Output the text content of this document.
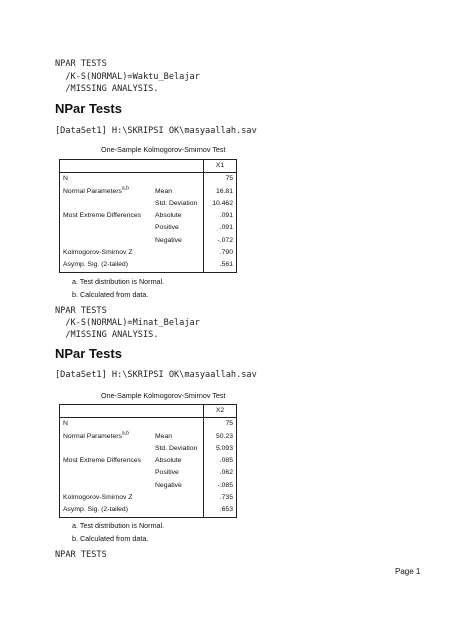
NPAR TESTS
/K-S(NORMAL)=Waktu_Belajar
/MISSING ANALYSIS.
NPar Tests
[DataSet1] H:\SKRIPSI OK\masyaallah.sav
One-Sample Kolmogorov-Smirnov Test
		X1
N		75
Normal Parameters$^{a,b}$	Mean	16.81
	Std. Deviation	10.462
Most Extreme Differences	Absolute	.091
	Positive	.091
	Negative	-.072
Kolmogorov-Smirnov Z		.790
Asymp. Sig. (2-tailed)		.561
a. Test distribution is Normal.
b. Calculated from data.
NPAR TESTS
/K-S(NORMAL)=Minat_Belajar
/MISSING ANALYSIS.
NPar Tests
[DataSet1] H:\SKRIPSI OK\masyaallah.sav
One-Sample Kolmogorov-Smirnov Test
		X2
N		75
Normal Parameters$^{a,b}$	Mean	50.23
	Std. Deviation	5.093
Most Extreme Differences	Absolute	.085
	Positive	.062
	Negative	-.085
Kolmogorov-Smirnov Z		.735
Asymp. Sig. (2-tailed)		.653
a. Test distribution is Normal.
b. Calculated from data.
NPAR TESTS
Page 1
